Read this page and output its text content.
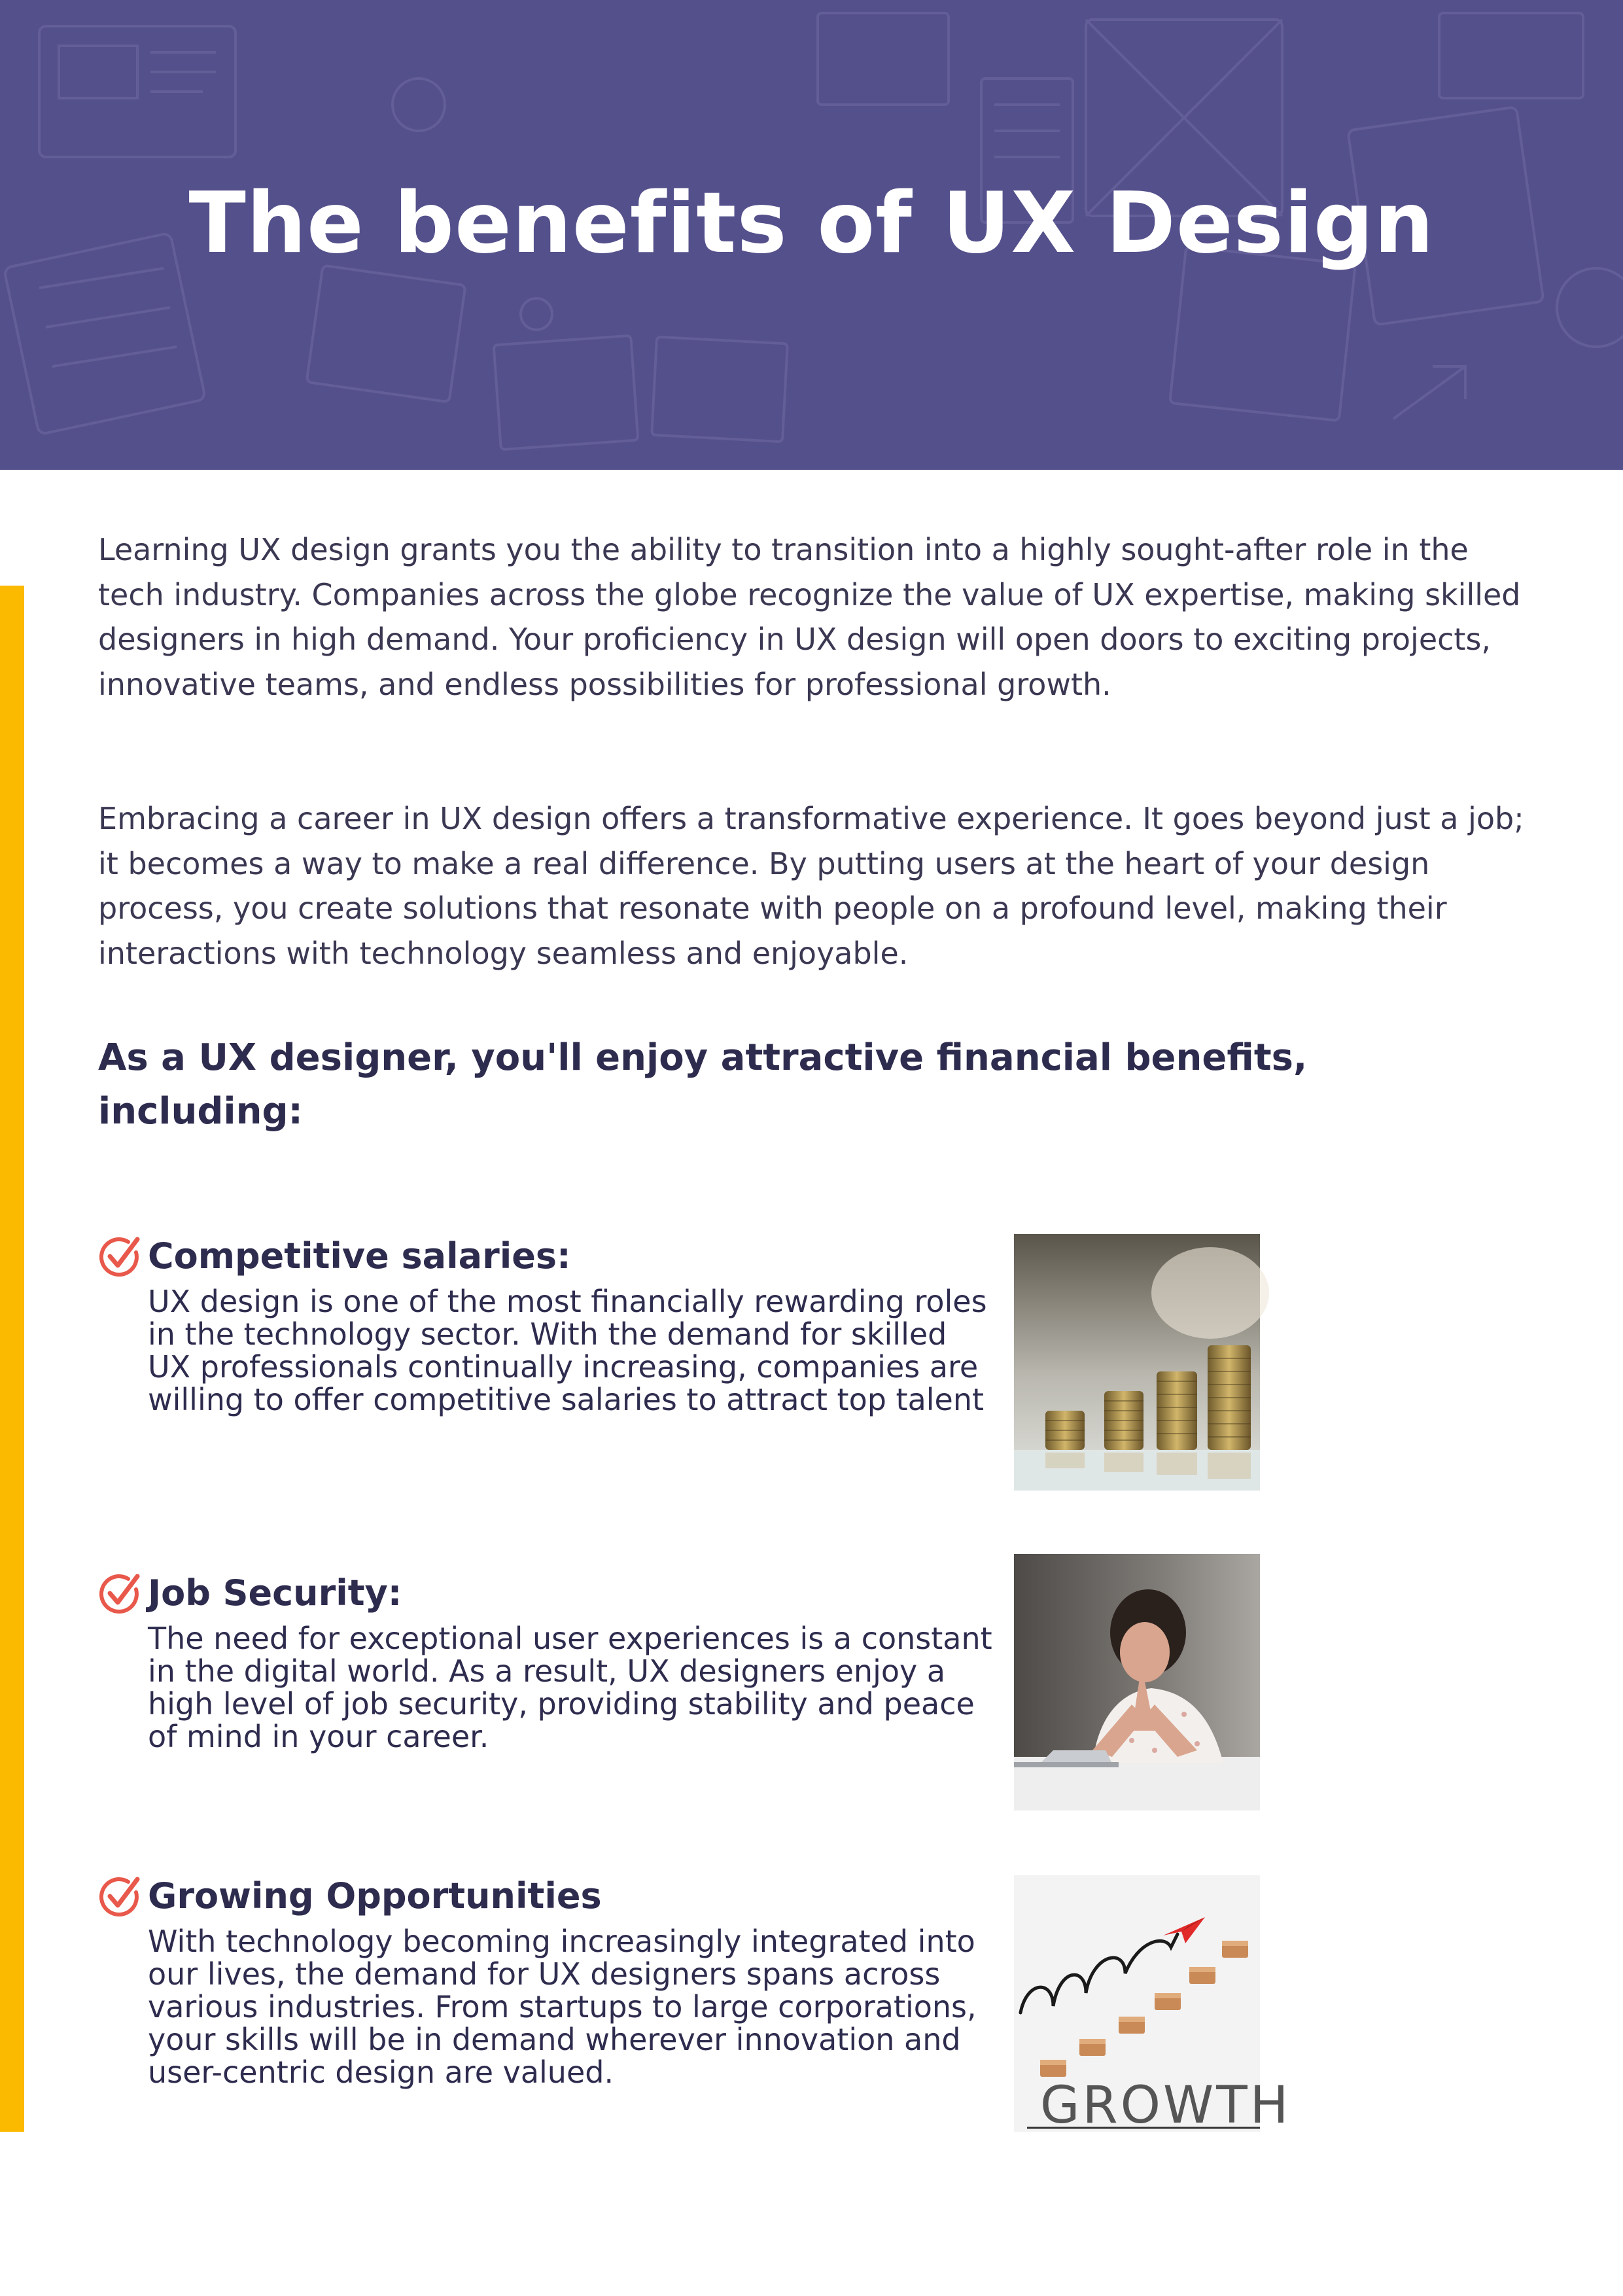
The benefits of UX Design

Learning UX design grants you the ability to transition into a highly sought-after role in the tech industry. Companies across the globe recognize the value of UX expertise, making skilled designers in high demand. Your proficiency in UX design will open doors to exciting projects, innovative teams, and endless possibilities for professional growth.

Embracing a career in UX design offers a transformative experience. It goes beyond just a job; it becomes a way to make a real difference. By putting users at the heart of your design process, you create solutions that resonate with people on a profound level, making their interactions with technology seamless and enjoyable.

As a UX designer, you'll enjoy attractive financial benefits, including:
Competitive salaries:

UX design is one of the most financially rewarding roles in the technology sector. With the demand for skilled UX professionals continually increasing, companies are willing to offer competitive salaries to attract top talent

Job Security:

The need for exceptional user experiences is a constant in the digital world. As a result, UX designers enjoy a high level of job security, providing stability and peace of mind in your career.

Growing Opportunities

With technology becoming increasingly integrated into our lives, the demand for UX designers spans across various industries. From startups to large corporations, your skills will be in demand wherever innovation and user-centric design are valued.

GROWTH
